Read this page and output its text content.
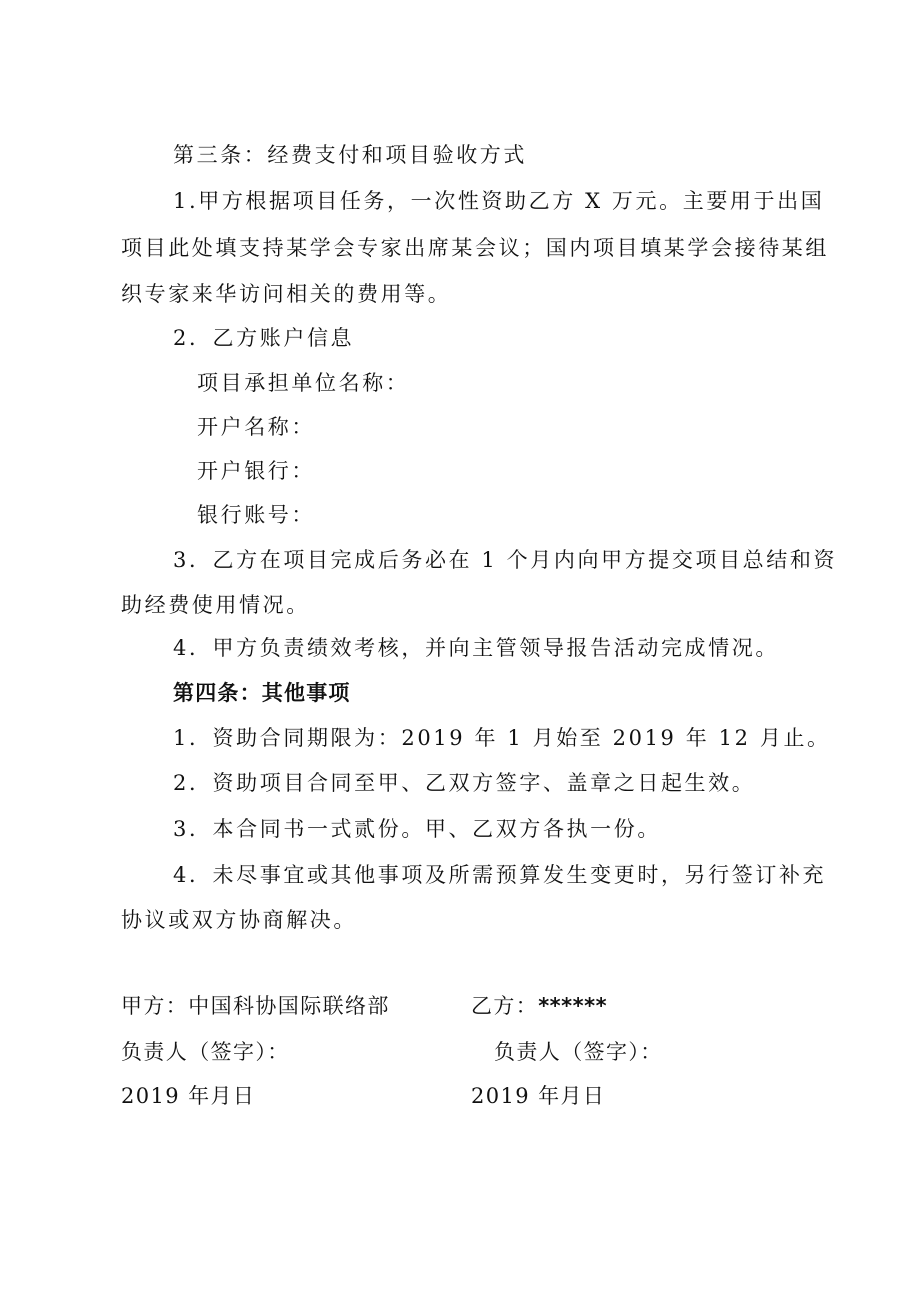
第三条：经费支付和项目验收方式
1.甲方根据项目任务，一次性资助乙方 X 万元。主要用于出国
项目此处填支持某学会专家出席某会议；国内项目填某学会接待某组
织专家来华访问相关的费用等。
2．乙方账户信息
项目承担单位名称：
开户名称：
开户银行：
银行账号：
3．乙方在项目完成后务必在 1 个月内向甲方提交项目总结和资
助经费使用情况。
4．甲方负责绩效考核，并向主管领导报告活动完成情况。
第四条：其他事项
1．资助合同期限为：2019 年 1 月始至 2019 年 12 月止。
2．资助项目合同至甲、乙双方签字、盖章之日起生效。
3．本合同书一式贰份。甲、乙双方各执一份。
4．未尽事宜或其他事项及所需预算发生变更时，另行签订补充
协议或双方协商解决。
甲方：中国科协国际联络部	乙方：******
负责人（签字）：	负责人（签字）：
2019 年月日	2019 年月日
